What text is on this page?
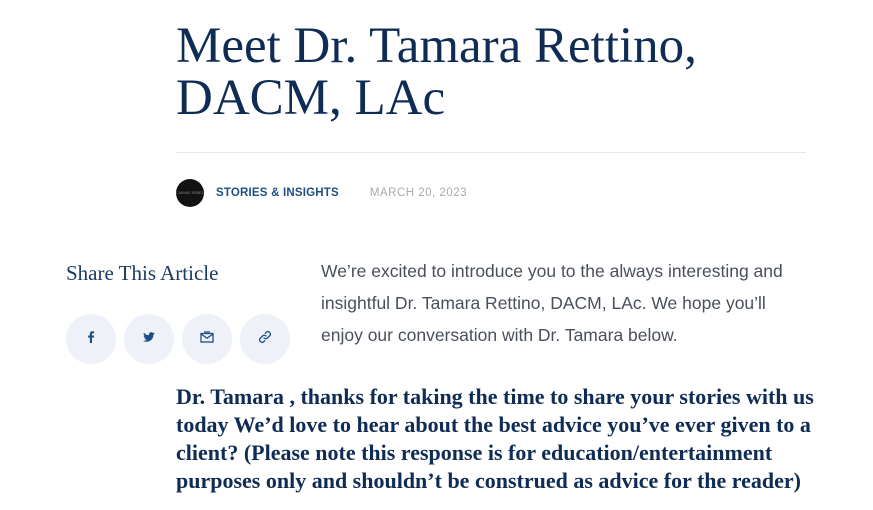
Meet Dr. Tamara Rettino, DACM, LAc
CANVAS REBEL STORIES & INSIGHTS	MARCH 20, 2023
Share This Article	We’re excited to introduce you to the always interesting and insightful Dr. Tamara Rettino, DACM, LAc. We hope you’ll enjoy our conversation with Dr. Tamara below.

Dr. Tamara , thanks for taking the time to share your stories with us today We’d love to hear about the best advice you’ve ever given to a client? (Please note this response is for education/entertainment purposes only and shouldn’t be construed as advice for the reader)
